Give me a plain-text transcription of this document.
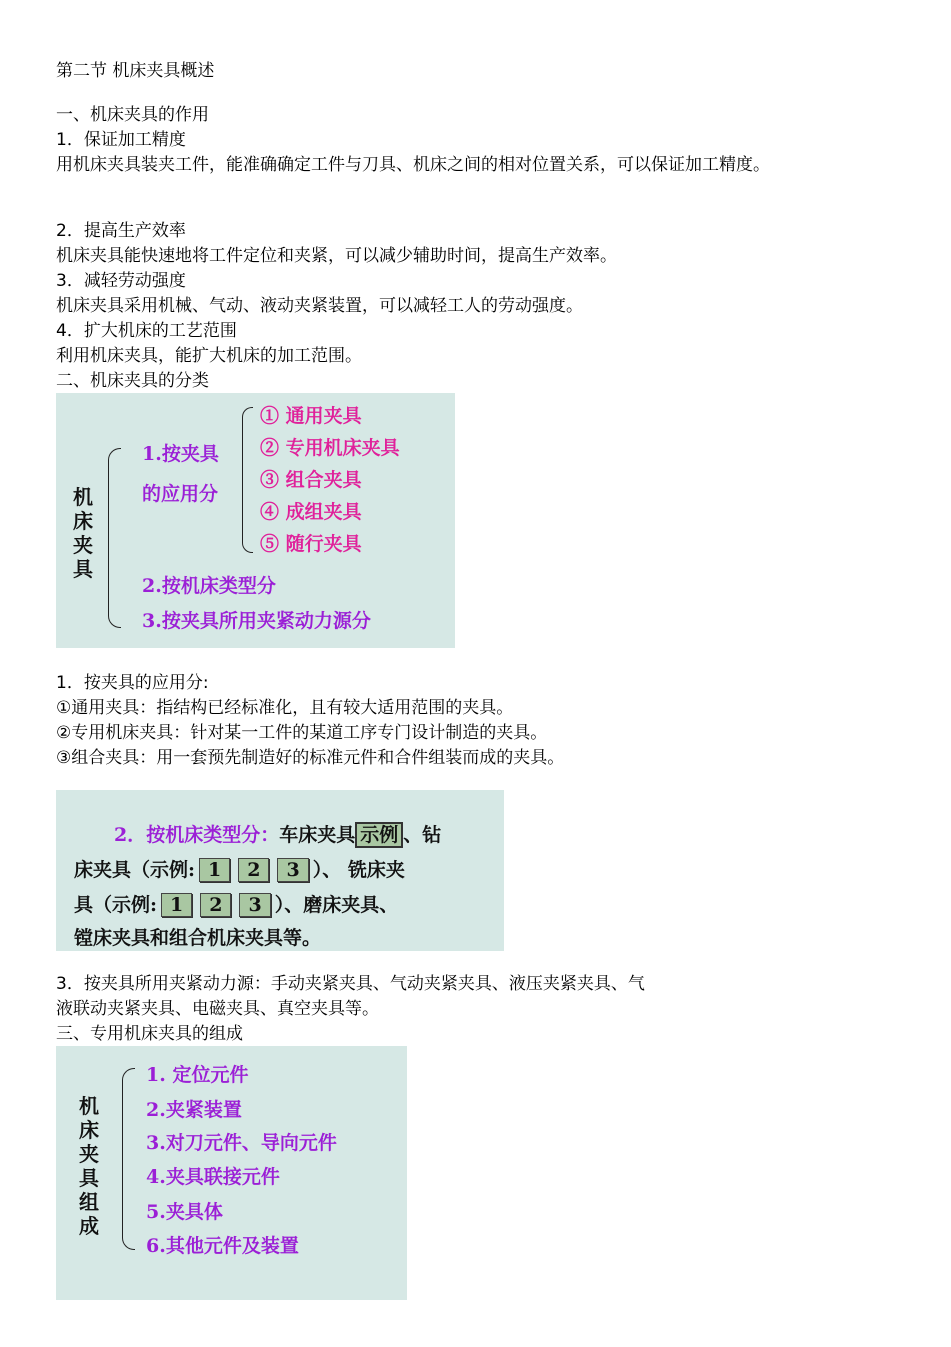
第二节 机床夹具概述
一、机床夹具的作用
1．保证加工精度
用机床夹具装夹工件，能准确确定工件与刀具、机床之间的相对位置关系，可以保证加工精度。
2．提高生产效率
机床夹具能快速地将工件定位和夹紧，可以减少辅助时间，提高生产效率。
3．减轻劳动强度
机床夹具采用机械、气动、液动夹紧装置，可以减轻工人的劳动强度。
4．扩大机床的工艺范围
利用机床夹具，能扩大机床的加工范围。
二、机床夹具的分类
机床夹具
1.按夹具
的应用分
① 通用夹具
② 专用机床夹具
③ 组合夹具
④ 成组夹具
⑤ 随行夹具
2.按机床类型分
3.按夹具所用夹紧动力源分
1．按夹具的应用分:
①通用夹具：指结构已经标准化，且有较大适用范围的夹具。
②专用机床夹具：针对某一工件的某道工序专门设计制造的夹具。
③组合夹具：用一套预先制造好的标准元件和合件组装而成的夹具。
2．按机床类型分：车床夹具 示例 、钻
床夹具（示例: 1 2 3 ）、 铣床夹
具（示例: 1 2 3 ）、磨床夹具、
镗床夹具和组合机床夹具等。
3．按夹具所用夹紧动力源：手动夹紧夹具、气动夹紧夹具、液压夹紧夹具、气
液联动夹紧夹具、电磁夹具、真空夹具等。
三、专用机床夹具的组成
机床夹具组成
1. 定位元件
2.夹紧装置
3.对刀元件、导向元件
4.夹具联接元件
5.夹具体
6.其他元件及装置
